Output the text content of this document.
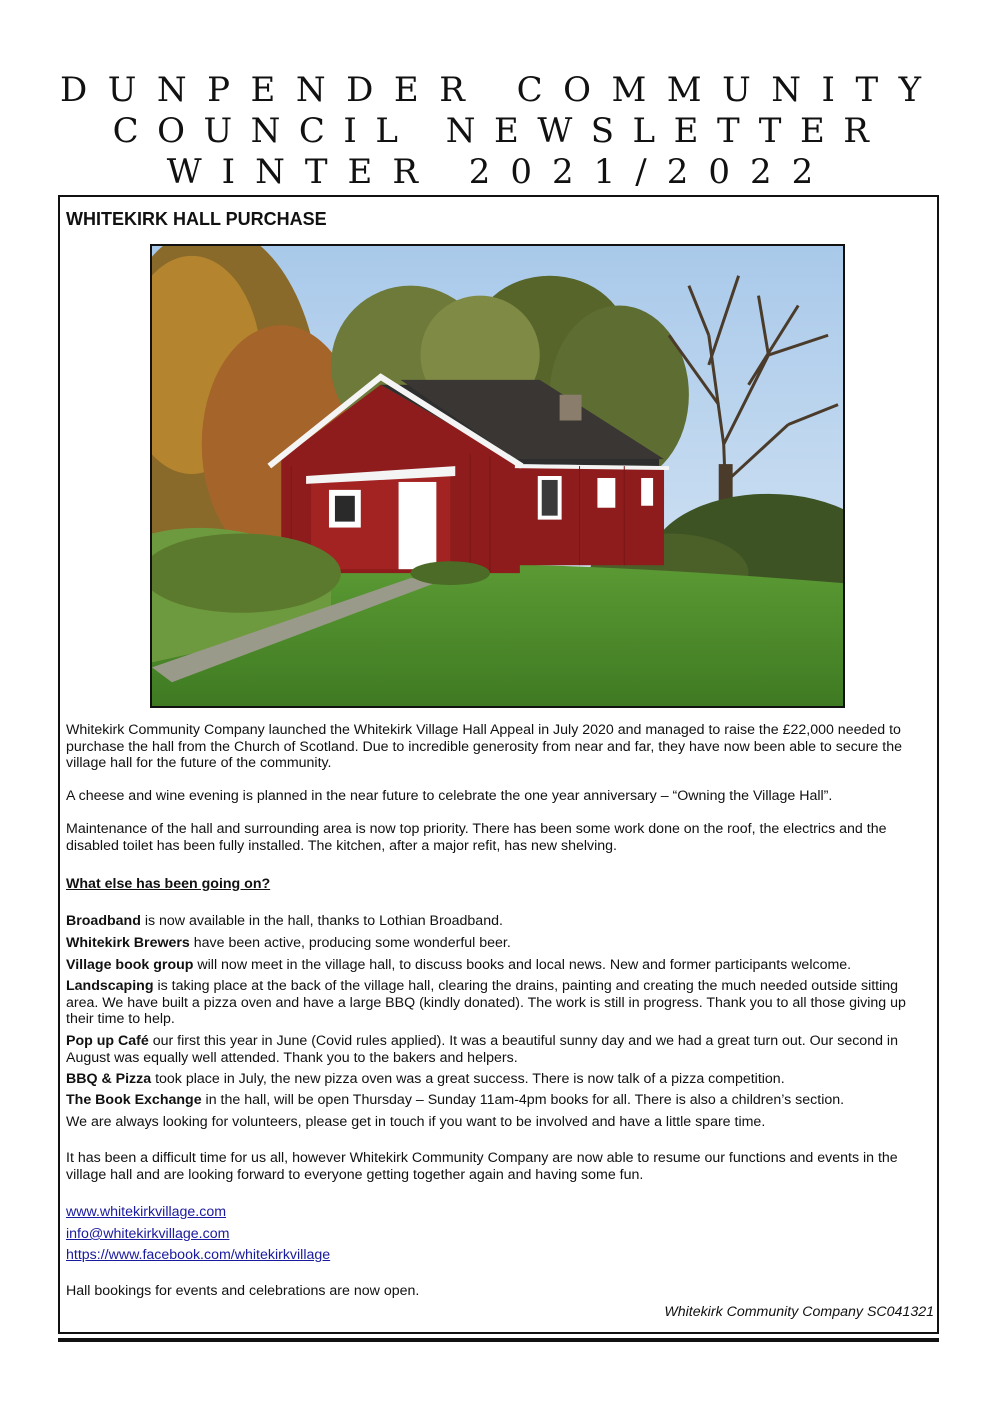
DUNPENDER COMMUNITY
COUNCIL NEWSLETTER
WINTER 2021/2022
WHITEKIRK HALL PURCHASE
Whitekirk Community Company launched the Whitekirk Village Hall Appeal in July 2020 and managed to raise the £22,000 needed to purchase the hall from the Church of Scotland. Due to incredible generosity from near and far, they have now been able to secure the village hall for the future of the community.
A cheese and wine evening is planned in the near future to celebrate the one year anniversary – “Owning the Village Hall”.
Maintenance of the hall and surrounding area is now top priority. There has been some work done on the roof, the electrics and the disabled toilet has been fully installed. The kitchen, after a major refit, has new shelving.
What else has been going on?
Broadband is now available in the hall, thanks to Lothian Broadband.
Whitekirk Brewers have been active, producing some wonderful beer.
Village book group will now meet in the village hall, to discuss books and local news. New and former participants welcome.
Landscaping is taking place at the back of the village hall, clearing the drains, painting and creating the much needed outside sitting area. We have built a pizza oven and have a large BBQ (kindly donated). The work is still in progress. Thank you to all those giving up their time to help.
Pop up Café our first this year in June (Covid rules applied). It was a beautiful sunny day and we had a great turn out. Our second in August was equally well attended. Thank you to the bakers and helpers.
BBQ & Pizza took place in July, the new pizza oven was a great success. There is now talk of a pizza competition.
The Book Exchange in the hall, will be open Thursday – Sunday 11am-4pm books for all. There is also a children’s section.
We are always looking for volunteers, please get in touch if you want to be involved and have a little spare time.
It has been a difficult time for us all, however Whitekirk Community Company are now able to resume our functions and events in the village hall and are looking forward to everyone getting together again and having some fun.
www.whitekirkvillage.com
info@whitekirkvillage.com
https://www.facebook.com/whitekirkvillage
Hall bookings for events and celebrations are now open.
Whitekirk Community Company SC041321
